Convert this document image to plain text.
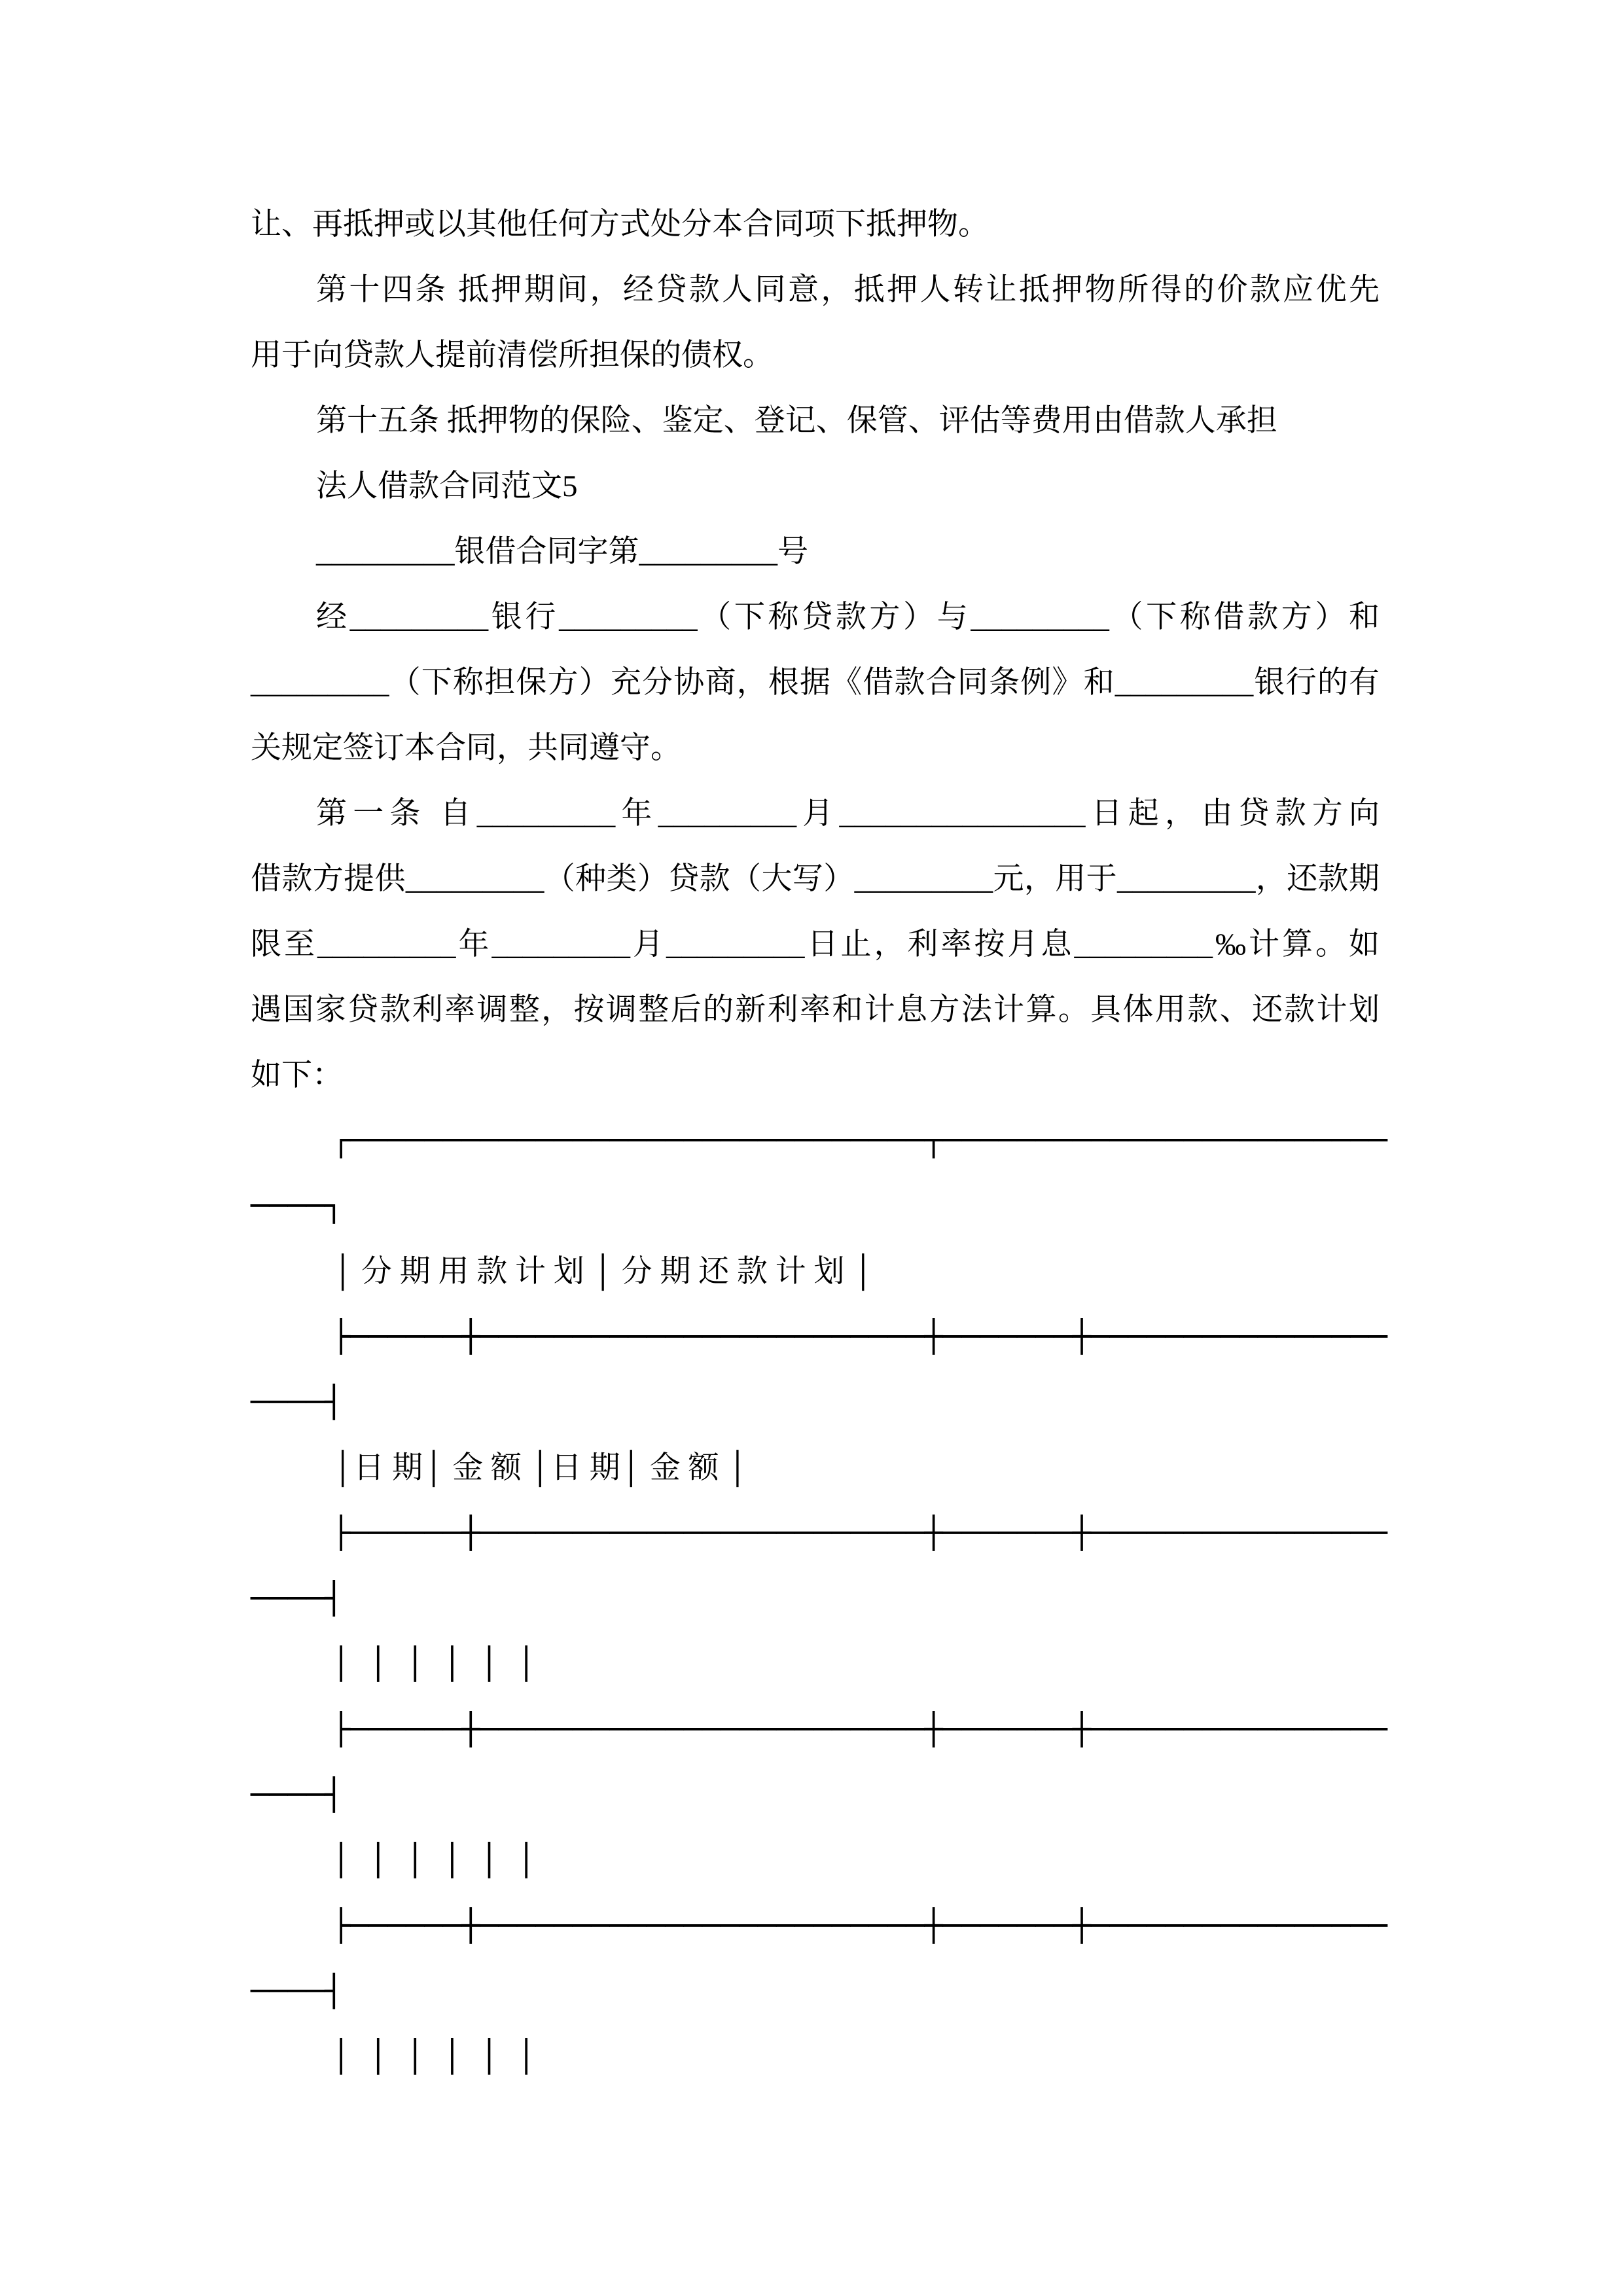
让、再抵押或以其他任何方式处分本合同项下抵押物。
第十四条 抵押期间，经贷款人同意，抵押人转让抵押物所得的价款应优先
用于向贷款人提前清偿所担保的债权。
第十五条 抵押物的保险、鉴定、登记、保管、评估等费用由借款人承担
法人借款合同范文5
_________银借合同字第_________号
经_________银行_________（下称贷款方）与_________（下称借款方）和
_________（下称担保方）充分协商，根据《借款合同条例》和_________银行的有
关规定签订本合同，共同遵守。
第一条 自_________年_________月________________日起，由贷款方向
借款方提供_________（种类）贷款（大写）_________元，用于_________，还款期
限至_________年_________月_________日止，利率按月息_________‰计算。如
遇国家贷款利率调整，按调整后的新利率和计息方法计算。具体用款、还款计划
如下：
┌───────────────────────────────┬────────────────────────
────┐
│ 分 期 用 款 计 划 │ 分 期 还 款 计 划 │
├──────┼────────────────────────┼───────┼────────────────
────┤
│日 期│ 金 额 │日 期│ 金 额 │
├──────┼────────────────────────┼───────┼────────────────
────┤
│ │ │ │ │ │
├──────┼────────────────────────┼───────┼────────────────
────┤
│ │ │ │ │ │
├──────┼────────────────────────┼───────┼────────────────
────┤
│ │ │ │ │ │
